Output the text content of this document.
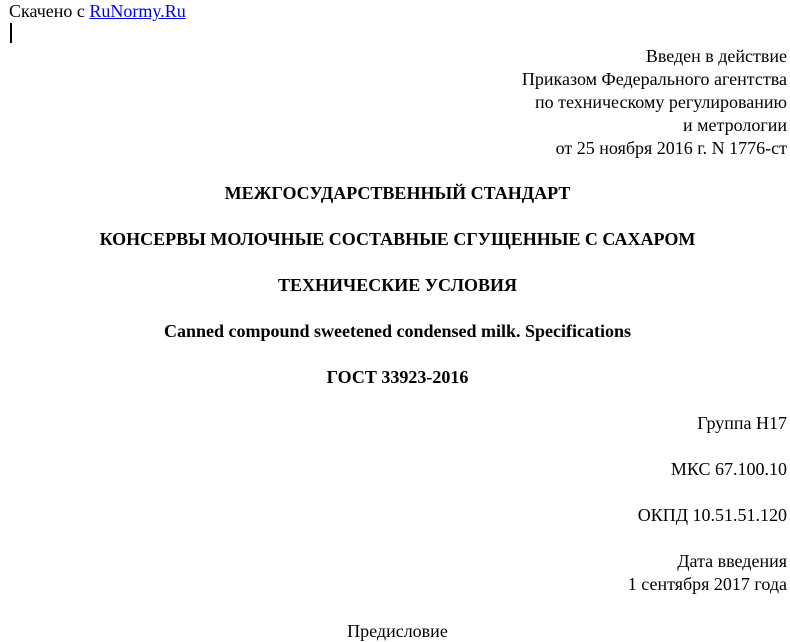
Скачено с RuNormy.Ru
Введен в действие
Приказом Федерального агентства
по техническому регулированию
и метрологии
от 25 ноября 2016 г. N 1776-ст
МЕЖГОСУДАРСТВЕННЫЙ СТАНДАРТ
КОНСЕРВЫ МОЛОЧНЫЕ СОСТАВНЫЕ СГУЩЕННЫЕ С САХАРОМ
ТЕХНИЧЕСКИЕ УСЛОВИЯ
Canned compound sweetened condensed milk. Specifications
ГОСТ 33923-2016
Группа Н17
МКС 67.100.10
ОКПД 10.51.51.120
Дата введения
1 сентября 2017 года
Предисловие
